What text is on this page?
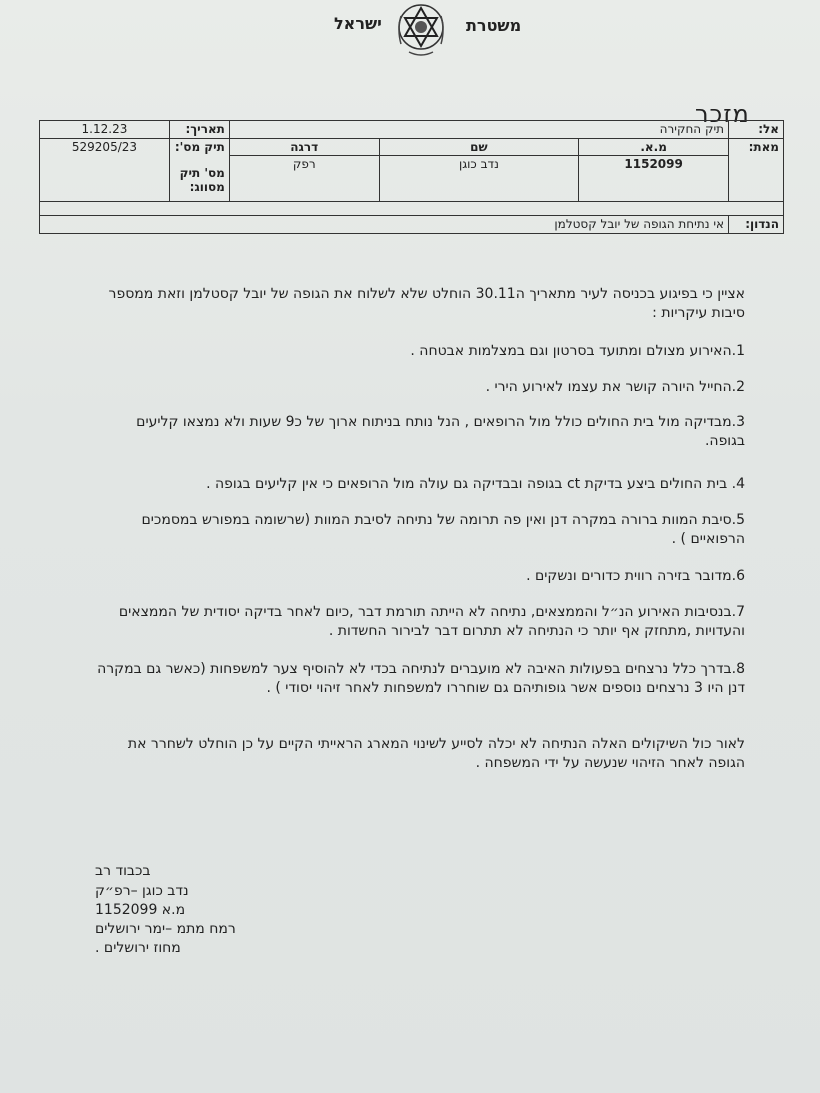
ישראל	משטרת
מזכר
אל:	תיק החקירה			תאריך:	1.12.23
מאת:	מ.א.	שם	דרגה	תיק מס':
מס' תיק מסווג:	529205/23
	1152099	נדב כוגן	רפק		

הנדון:	אי נתיחת הגופה של יובל קסטלמן				
אציין כי בפיגוע בכניסה לעיר מתאריך ה30.11 הוחלט שלא לשלוח את הגופה של יובל קסטלמן וזאת ממספר סיבות עיקריות :
1.האירוע מצולם ומתועד בסרטון וגם במצלמות אבטחה .
2.החייל היורה קושר את עצמו לאירוע הירי .
3.מבדיקה מול בית החולים כולל מול הרופאים , הנל נותח בניתוח ארוך של כ9 שעות ולא נמצאו קליעים בגופה.
4. בית החולים ביצע בדיקת ct בגופה ובבדיקה גם עולה מול הרופאים כי אין קליעים בגופה .
5.סיבת המוות ברורה במקרה דנן ואין פה תרומה של נתיחה לסיבת המוות (שרשומה במפורש במסמכים הרפואיים ) .
6.מדובר בזירה רווית כדורים ונשקים .
7.בנסיבות האירוע הנ״ל והממצאים, נתיחה לא הייתה תורמת דבר ,כיום לאחר בדיקה יסודית של הממצאים והעדויות ,מתחזק אף יותר כי הנתיחה לא תתרום דבר לבירור החשדות .
8.בדרך כלל נרצחים בפעולות האיבה לא מועברים לנתיחה בכדי לא להוסיף צער למשפחות (כאשר גם במקרה דנן היו 3 נרצחים נוספים אשר גופותיהם גם שוחררו למשפחות לאחר זיהוי יסודי ) .
לאור כול השיקולים האלה הנתיחה לא יכלה לסייע לשינוי המארג הראייתי הקיים על כן הוחלט לשחרר את הגופה לאחר הזיהוי שנעשה על ידי המשפחה .
בכבוד רב
נדב כוגן –רפ״ק
מ.א 1152099
רמח מתמ –ימר ירושלים
מחוז ירושלים .
